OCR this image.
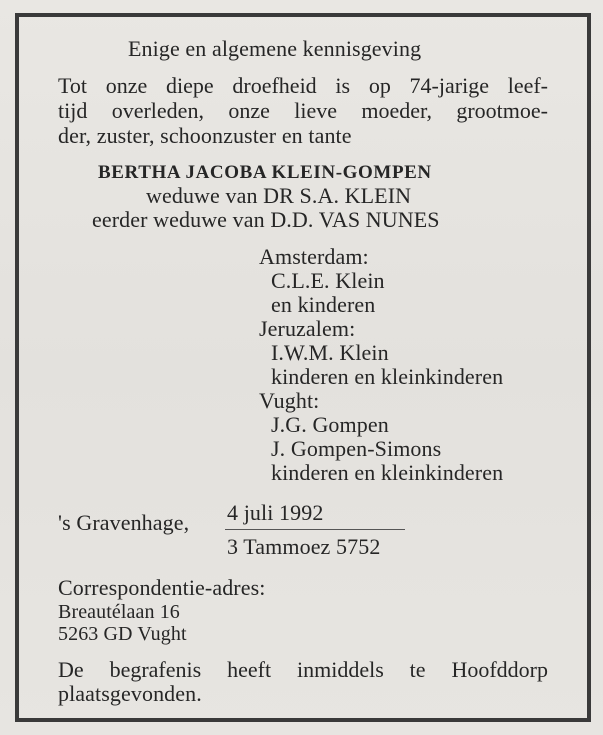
Enige en algemene kennisgeving
Tot onze diepe droefheid is op 74-jarige leef-
tijd overleden, onze lieve moeder, grootmoe-
der, zuster, schoonzuster en tante
BERTHA JACOBA KLEIN-GOMPEN
weduwe van DR S.A. KLEIN
eerder weduwe van D.D. VAS NUNES
Amsterdam:
C.L.E. Klein
en kinderen
Jeruzalem:
I.W.M. Klein
kinderen en kleinkinderen
Vught:
J.G. Gompen
J. Gompen-Simons
kinderen en kleinkinderen
's Gravenhage, 4 juli 1992
3 Tammoez 5752
Correspondentie-adres:
Breautélaan 16
5263 GD Vught
De begrafenis heeft inmiddels te Hoofddorp
plaatsgevonden.
